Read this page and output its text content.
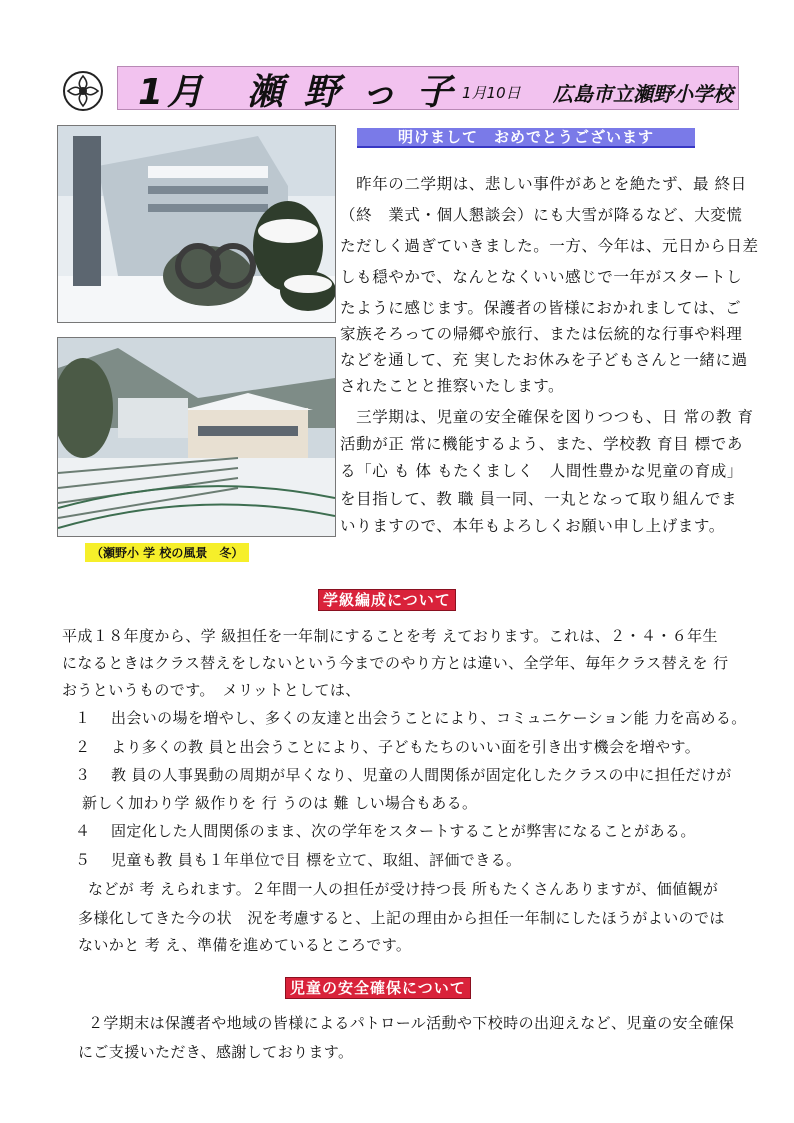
1月　瀬 野 っ 子 1月10日 広島市立瀬野小学校
（瀬野小 学 校の風景　冬）
明けまして　おめでとうございます
　昨年の二学期は、悲しい事件があとを絶たず、最 終日
（終　業式・個人懇談会）にも大雪が降るなど、大変慌
ただしく過ぎていきました。一方、今年は、元日から日差
しも穏やかで、なんとなくいい感じで一年がスタートし
たように感じます。保護者の皆様におかれましては、ご
家族そろっての帰郷や旅行、または伝統的な行事や料理
などを通して、充 実したお休みを子どもさんと一緒に過
されたことと推察いたします。
　三学期は、児童の安全確保を図りつつも、日 常の教 育
活動が正 常に機能するよう、また、学校教 育目 標であ
る「心 も 体 もたくましく　人間性豊かな児童の育成」
を目指して、教 職 員一同、一丸となって取り組んでま
いりますので、本年もよろしくお願い申し上げます。
学級編成について
平成１８年度から、学 級担任を一年制にすることを考 えております。これは、２・４・６年生
になるときはクラス替えをしないという今までのやり方とは違い、全学年、毎年クラス替えを 行
おうというものです。　メリットとしては、
１　 出会いの場を増やし、多くの友達と出会うことにより、コミュニケーション能 力を高める。
２　 より多くの教 員と出会うことにより、子どもたちのいい面を引き出す機会を増やす。
３　 教 員の人事異動の周期が早くなり、児童の人間関係が固定化したクラスの中に担任だけが
新しく加わり学 級作りを 行 うのは 難 しい場合もある。
４　 固定化した人間関係のまま、次の学年をスタートすることが弊害になることがある。
５　 児童も教 員も１年単位で目 標を立て、取組、評価できる。
などが 考 えられます。２年間一人の担任が受け持つ長 所もたくさんありますが、価値観が
多様化してきた今の状　況を考慮すると、上記の理由から担任一年制にしたほうがよいのでは
ないかと 考 え、準備を進めているところです。
児童の安全確保について
２学期末は保護者や地域の皆様によるパトロール活動や下校時の出迎えなど、児童の安全確保
にご支援いただき、感謝しております。
